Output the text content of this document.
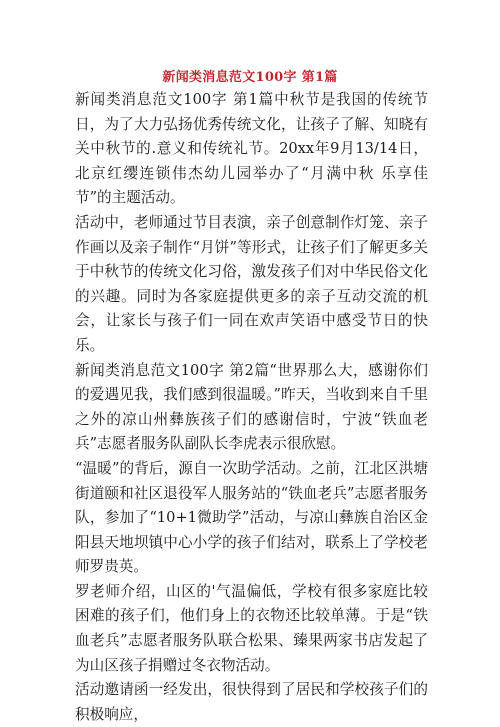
新闻类消息范文100字 第1篇

新闻类消息范文100字 第1篇中秋节是我国的传统节日，为了大力弘扬优秀传统文化，让孩子了解、知晓有关中秋节的.意义和传统礼节。20xx年9月13/14日，北京红缨连锁伟杰幼儿园举办了“月满中秋 乐享佳节”的主题活动。

活动中，老师通过节目表演，亲子创意制作灯笼、亲子作画以及亲子制作“月饼”等形式，让孩子们了解更多关于中秋节的传统文化习俗，激发孩子们对中华民俗文化的兴趣。同时为各家庭提供更多的亲子互动交流的机会，让家长与孩子们一同在欢声笑语中感受节日的快乐。

新闻类消息范文100字 第2篇“世界那么大，感谢你们的爱遇见我，我们感到很温暖。”昨天，当收到来自千里之外的凉山州彝族孩子们的感谢信时，宁波“铁血老兵”志愿者服务队副队长李虎表示很欣慰。

“温暖”的背后，源自一次助学活动。之前，江北区洪塘街道颐和社区退役军人服务站的“铁血老兵”志愿者服务队，参加了“10+1微助学”活动，与凉山彝族自治区金阳县天地坝镇中心小学的孩子们结对，联系上了学校老师罗贵英。

罗老师介绍，山区的'气温偏低，学校有很多家庭比较困难的孩子们，他们身上的衣物还比较单薄。于是“铁血老兵”志愿者服务队联合松果、臻果两家书店发起了为山区孩子捐赠过冬衣物活动。

活动邀请函一经发出，很快得到了居民和学校孩子们的积极响应，
